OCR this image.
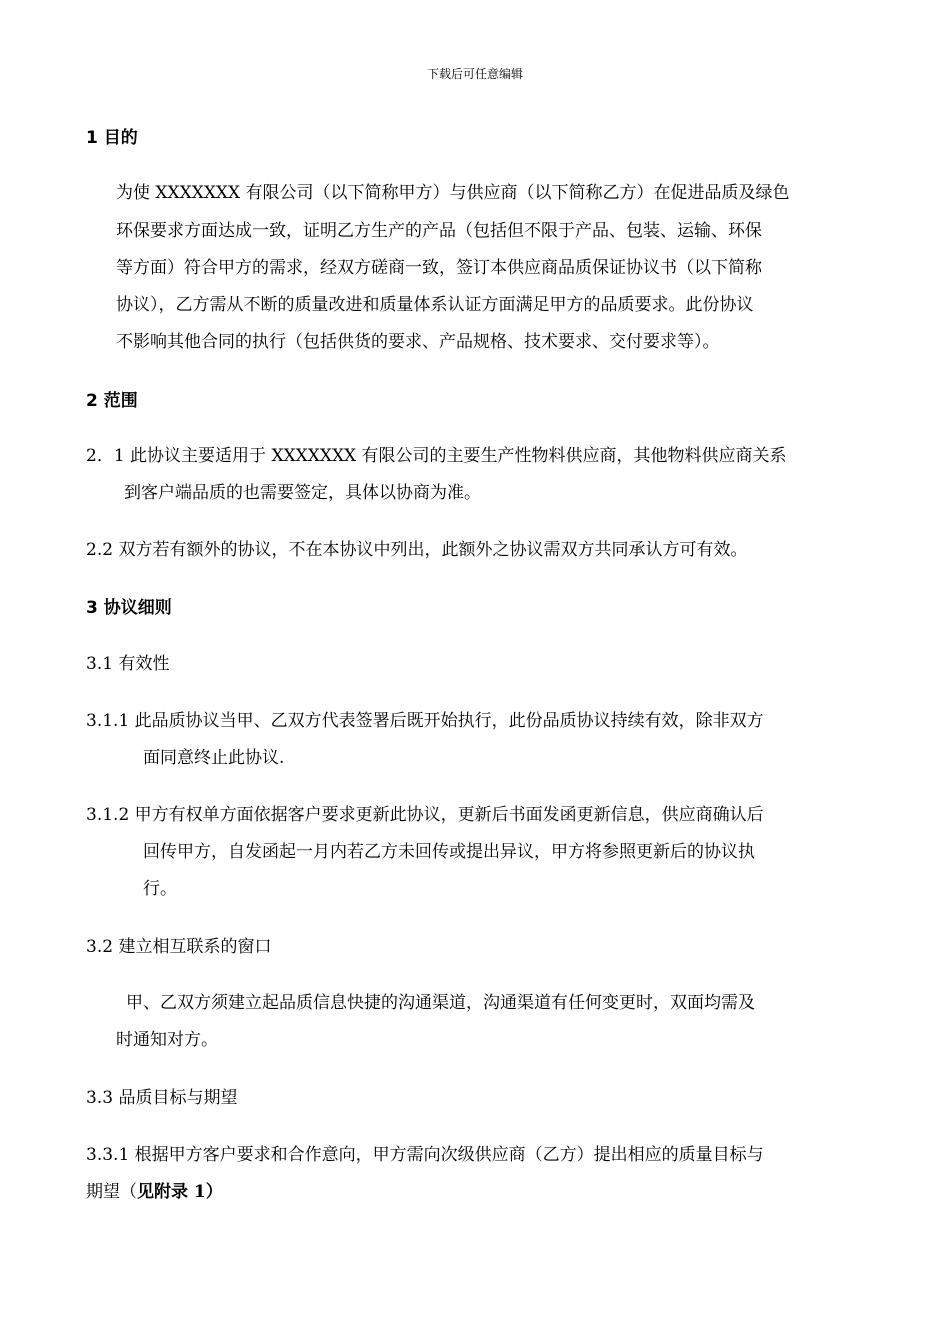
下载后可任意编辑
1 目的
为使 XXXXXXX 有限公司（以下简称甲方）与供应商（以下简称乙方）在促进品质及绿色
环保要求方面达成一致，证明乙方生产的产品（包括但不限于产品、包装、运输、环保
等方面）符合甲方的需求，经双方磋商一致，签订本供应商品质保证协议书（以下简称
协议），乙方需从不断的质量改进和质量体系认证方面满足甲方的品质要求。此份协议
不影响其他合同的执行（包括供货的要求、产品规格、技术要求、交付要求等）。
2 范围
2．1 此协议主要适用于 XXXXXXX 有限公司的主要生产性物料供应商，其他物料供应商关系
到客户端品质的也需要签定，具体以协商为准。
2.2 双方若有额外的协议，不在本协议中列出，此额外之协议需双方共同承认方可有效。
3 协议细则
3.1 有效性
3.1.1 此品质协议当甲、乙双方代表签署后既开始执行，此份品质协议持续有效，除非双方
面同意终止此协议.
3.1.2 甲方有权单方面依据客户要求更新此协议，更新后书面发函更新信息，供应商确认后
回传甲方，自发函起一月内若乙方未回传或提出异议，甲方将参照更新后的协议执
行。
3.2 建立相互联系的窗口
甲、乙双方须建立起品质信息快捷的沟通渠道，沟通渠道有任何变更时，双面均需及
时通知对方。
3.3 品质目标与期望
3.3.1 根据甲方客户要求和合作意向，甲方需向次级供应商（乙方）提出相应的质量目标与
期望（见附录 1）
